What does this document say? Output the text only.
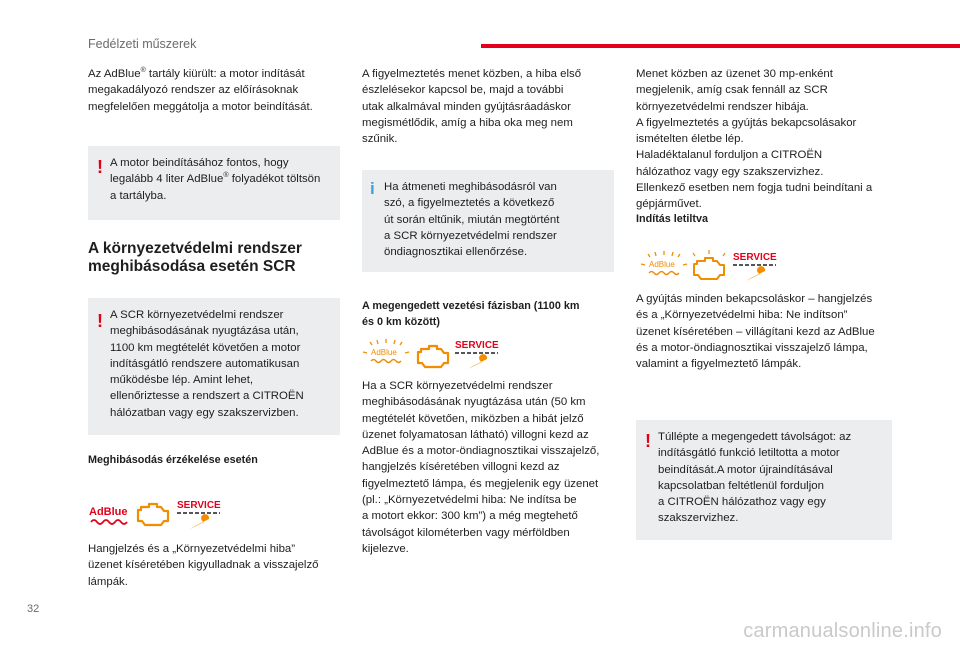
Fedélzeti műszerek

Az AdBlue® tartály kiürült: a motor indítását
megakadályozó rendszer az előírásoknak
megfelelően meggátolja a motor beindítását.

! A motor beindításához fontos, hogy
legalább 4 liter AdBlue® folyadékot töltsön
a tartályba.
A környezetvédelmi rendszer
meghibásodása esetén SCR
! A SCR környezetvédelmi rendszer
meghibásodásának nyugtázása után,
1100 km megtételét követően a motor
indításgátló rendszere automatikusan
működésbe lép. Amint lehet,
ellenőriztesse a rendszert a CITROËN
hálózatban vagy egy szakszervizben.
Meghibásodás érzékelése esetén
AdBlue
SERVICE

Hangjelzés és a „Környezetvédelmi hiba”
üzenet kíséretében kigyulladnak a visszajelző
lámpák.

A figyelmeztetés menet közben, a hiba első
észlelésekor kapcsol be, majd a további
utak alkalmával minden gyújtásráadáskor
megismétlődik, amíg a hiba oka meg nem
szűnik.

i Ha átmeneti meghibásodásról van
szó, a figyelmeztetés a következő
út során eltűnik, miután megtörtént
a SCR környezetvédelmi rendszer
öndiagnosztikai ellenőrzése.
A megengedett vezetési fázisban (1100 km
és 0 km között)
AdBlue
SERVICE

Ha a SCR környezetvédelmi rendszer
meghibásodásának nyugtázása után (50 km
megtételét követően, miközben a hibát jelző
üzenet folyamatosan látható) villogni kezd az
AdBlue és a motor-öndiagnosztikai visszajelző,
hangjelzés kíséretében villogni kezd az
figyelmeztető lámpa, és megjelenik egy üzenet
(pl.: „Környezetvédelmi hiba: Ne indítsa be
a motort ekkor: 300 km”) a még megtehető
távolságot kilométerben vagy mérföldben
kijelezve.

Menet közben az üzenet 30 mp-enként
megjelenik, amíg csak fennáll az SCR
környezetvédelmi rendszer hibája.
A figyelmeztetés a gyújtás bekapcsolásakor
ismételten életbe lép.
Haladéktalanul forduljon a CITROËN
hálózathoz vagy egy szakszervizhez.
Ellenkező esetben nem fogja tudni beindítani a
gépjárművet.

Indítás letiltva
AdBlue
SERVICE

A gyújtás minden bekapcsoláskor – hangjelzés
és a „Környezetvédelmi hiba: Ne indítson”
üzenet kíséretében – villágítani kezd az AdBlue
és a motor-öndiagnosztikai visszajelző lámpa,
valamint a figyelmeztető lámpák.

! Túllépte a megengedett távolságot: az
indításgátló funkció letiltotta a motor
beindítását.A motor újraindításával
kapcsolatban feltétlenül forduljon
a CITROËN hálózathoz vagy egy
szakszervizhez.
32
carmanualsonline.info
